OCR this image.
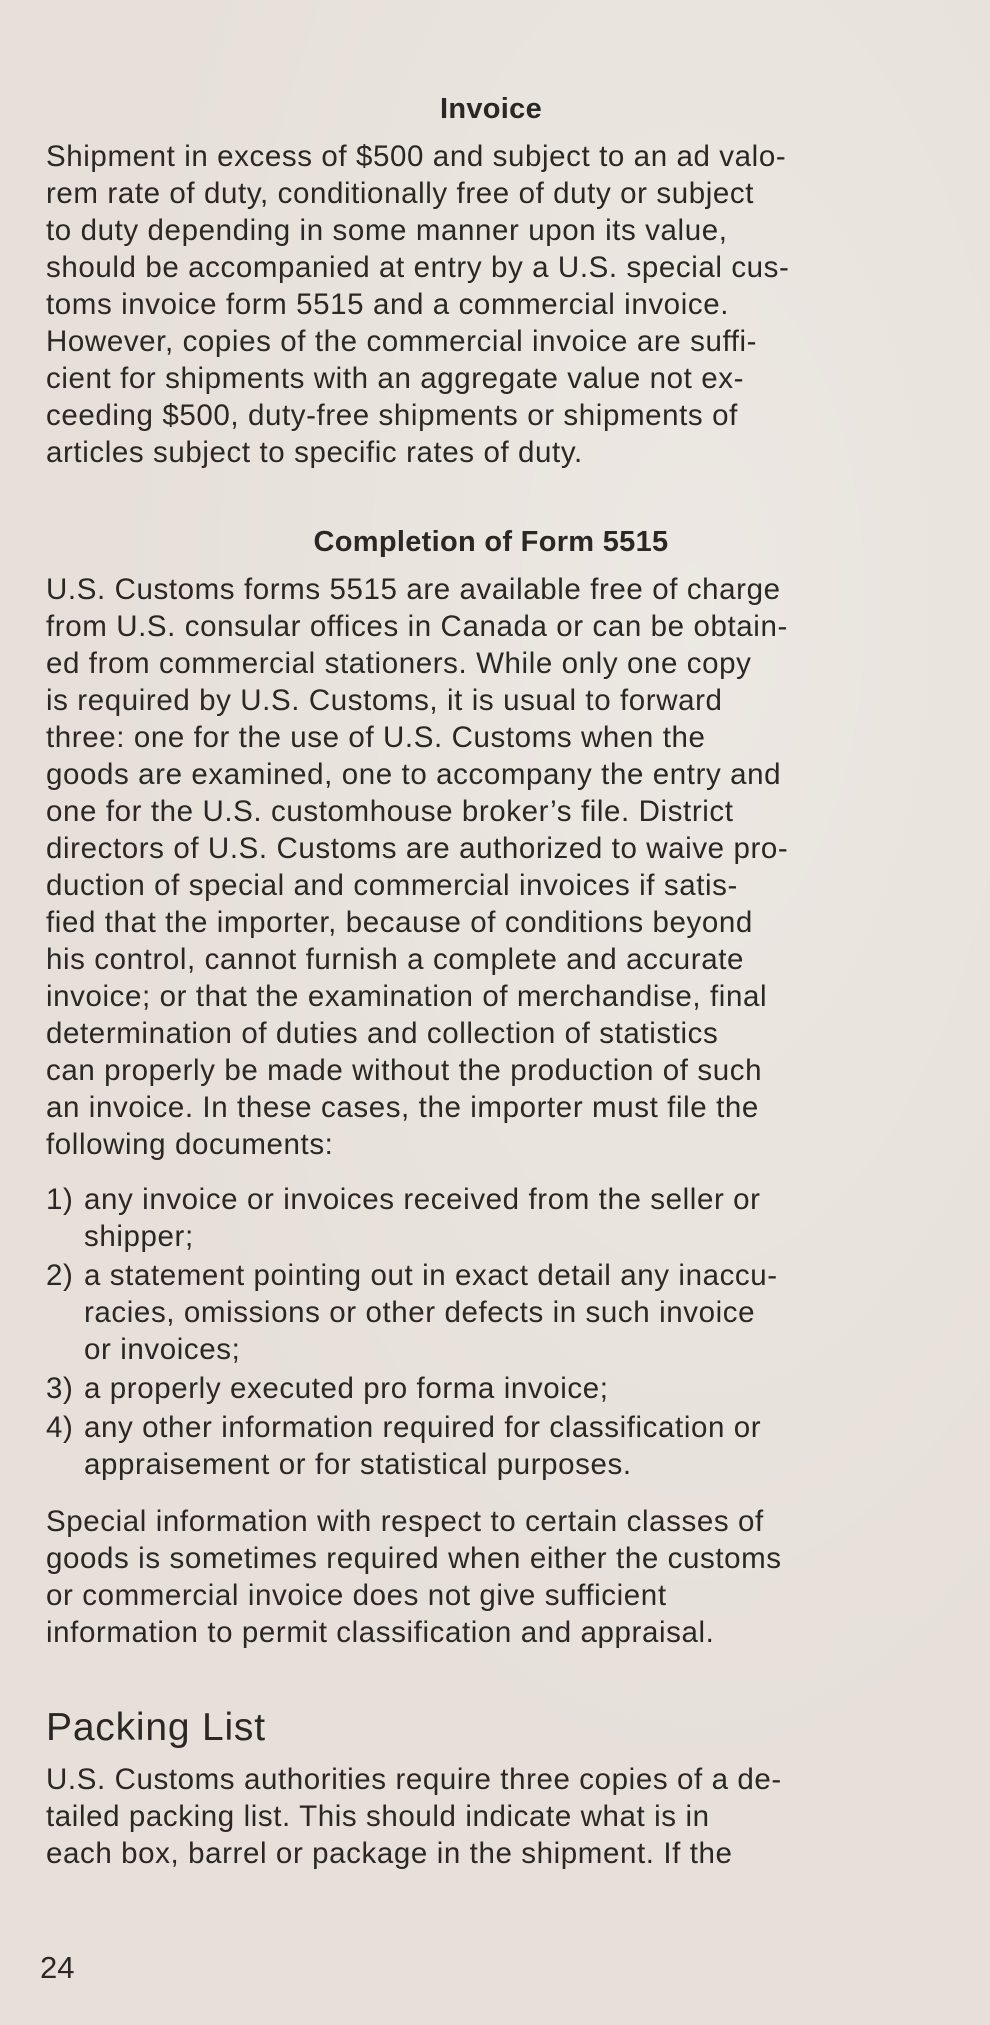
Invoice

Shipment in excess of $500 and subject to an ad valo-
rem rate of duty, conditionally free of duty or subject
to duty depending in some manner upon its value,
should be accompanied at entry by a U.S. special cus-
toms invoice form 5515 and a commercial invoice.
However, copies of the commercial invoice are suffi-
cient for shipments with an aggregate value not ex-
ceeding $500, duty-free shipments or shipments of
articles subject to specific rates of duty.

Completion of Form 5515

U.S. Customs forms 5515 are available free of charge
from U.S. consular offices in Canada or can be obtain-
ed from commercial stationers. While only one copy
is required by U.S. Customs, it is usual to forward
three: one for the use of U.S. Customs when the
goods are examined, one to accompany the entry and
one for the U.S. customhouse broker’s file. District
directors of U.S. Customs are authorized to waive pro-
duction of special and commercial invoices if satis-
fied that the importer, because of conditions beyond
his control, cannot furnish a complete and accurate
invoice; or that the examination of merchandise, final
determination of duties and collection of statistics
can properly be made without the production of such
an invoice. In these cases, the importer must file the
following documents:

1) any invoice or invoices received from the seller or
shipper;
2) a statement pointing out in exact detail any inaccu-
racies, omissions or other defects in such invoice
or invoices;
3) a properly executed pro forma invoice;
4) any other information required for classification or
appraisement or for statistical purposes.

Special information with respect to certain classes of
goods is sometimes required when either the customs
or commercial invoice does not give sufficient
information to permit classification and appraisal.

Packing List

U.S. Customs authorities require three copies of a de-
tailed packing list. This should indicate what is in
each box, barrel or package in the shipment. If the

24
